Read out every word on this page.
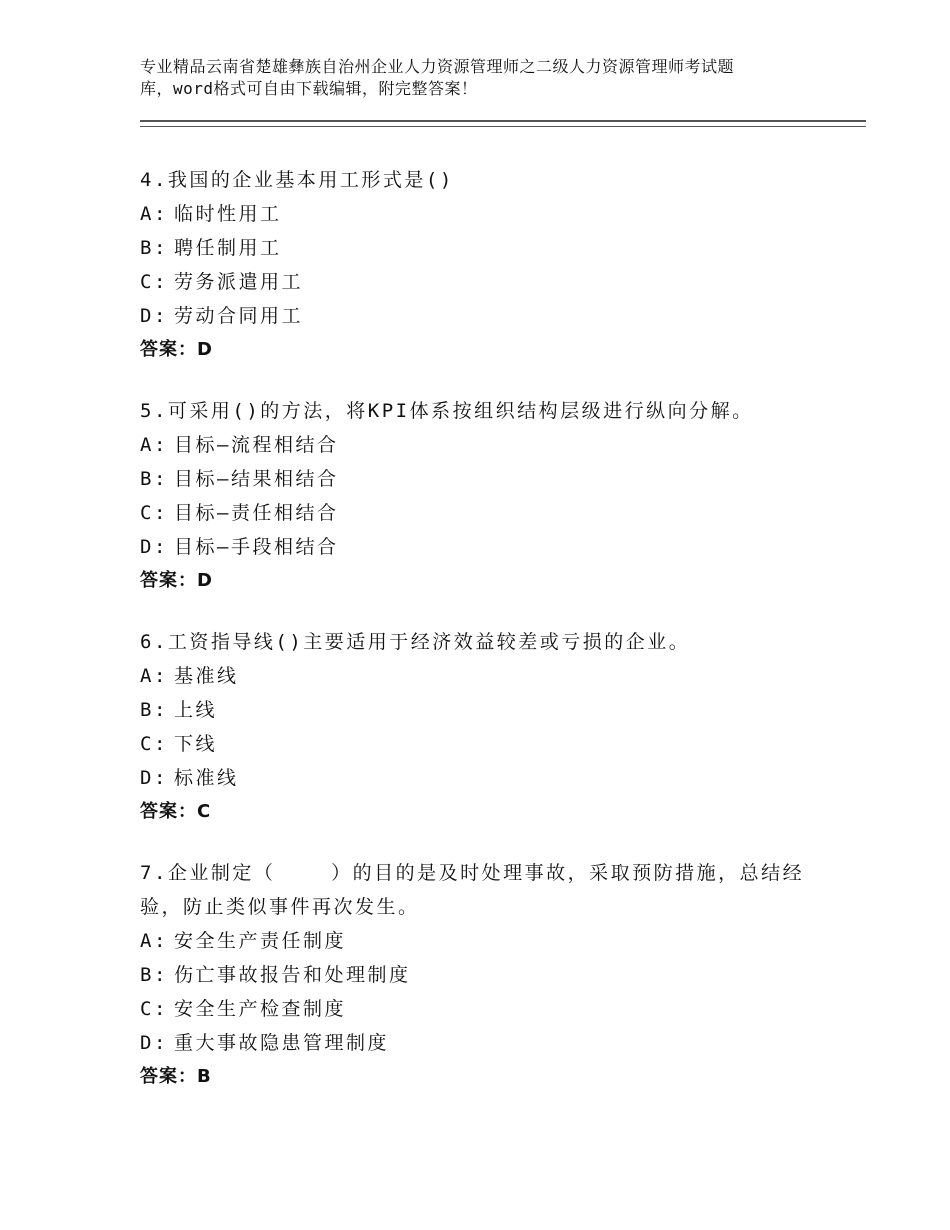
专业精品云南省楚雄彝族自治州企业人力资源管理师之二级人力资源管理师考试题
库，word格式可自由下载编辑，附完整答案！
4.我国的企业基本用工形式是()
A: 临时性用工
B: 聘任制用工
C: 劳务派遣用工
D: 劳动合同用工
答案：D
5.可采用()的方法，将KPI体系按组织结构层级进行纵向分解。
A: 目标—流程相结合
B: 目标—结果相结合
C: 目标—责任相结合
D: 目标—手段相结合
答案：D
6.工资指导线()主要适用于经济效益较差或亏损的企业。
A: 基准线
B: 上线
C: 下线
D: 标准线
答案：C
7.企业制定（    ）的目的是及时处理事故，采取预防措施，总结经验，防止类似事件再次发生。
A: 安全生产责任制度
B: 伤亡事故报告和处理制度
C: 安全生产检查制度
D: 重大事故隐患管理制度
答案：B
